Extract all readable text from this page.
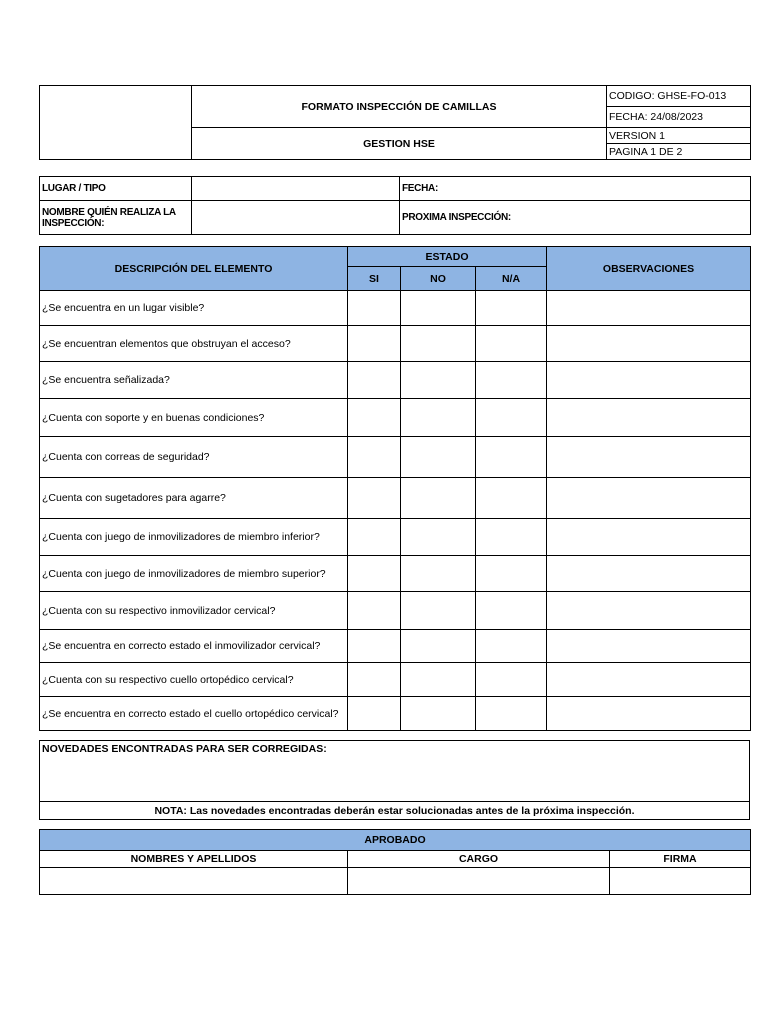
	FORMATO INSPECCIÓN DE CAMILLAS	CODIGO: GHSE-FO-013
		FECHA: 24/08/2023
	GESTION HSE	VERSION 1
		PAGINA 1 DE 2
LUGAR / TIPO		FECHA:
NOMBRE QUIÉN REALIZA LA INSPECCIÓN:		PROXIMA INSPECCIÓN:
DESCRIPCIÓN DEL ELEMENTO	ESTADO			OBSERVACIONES
	SI	NO	N/A	
¿Se encuentra en un lugar visible?				
¿Se encuentran elementos que obstruyan el acceso?				
¿Se encuentra señalizada?				
¿Cuenta con soporte y en buenas condiciones?				
¿Cuenta con correas de seguridad?				
¿Cuenta con sugetadores para agarre?				
¿Cuenta con juego de inmovilizadores de miembro inferior?				
¿Cuenta con juego de inmovilizadores de miembro superior?				
¿Cuenta con su respectivo inmovilizador cervical?				
¿Se encuentra en correcto estado el inmovilizador cervical?				
¿Cuenta con su respectivo cuello ortopédico cervical?				
¿Se encuentra en correcto estado el cuello ortopédico cervical?				
NOVEDADES ENCONTRADAS PARA SER CORREGIDAS:
NOTA: Las novedades encontradas deberán estar solucionadas antes de la próxima inspección.
APROBADO		
NOMBRES Y APELLIDOS	CARGO	FIRMA
